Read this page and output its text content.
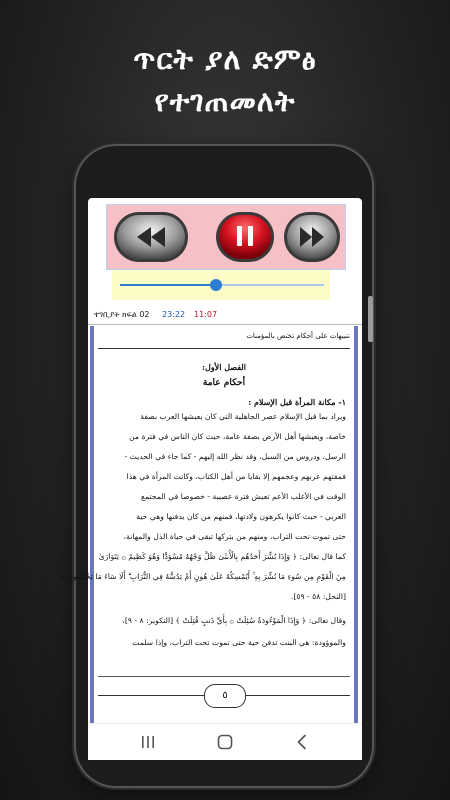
ጥርት ያለ ድምፅ
የተገጠመለት
ተገቢያት ክፍል 02 23:22 11:07
تنبيهات على أحكام تختص بالمؤمنات
الفصل الأول:
أحكام عامة
١- مكانة المرأة قبل الإسلام :
ويراد بما قبل الإسلام عصر الجاهلية التي كان يعيشها العرب بصفة
خاصة، ويعيشها أهل الأرض بصفة عامة، حيث كان الناس في فترة من
الرسل، ودروس من السبل، وقد نظر الله إليهم - كما جاء في الحديث -
فمقتهم عربهم وعجمهم إلا بقايا من أهل الكتاب، وكانت المرأة في هذا
الوقت في الأغلب الأعم تعيش فترة عصيبة - خصوصا في المجتمع
العربي - حيث كانوا يكرهون ولادتها، فمنهم من كان يدفنها وهي حية
حتى تموت تحت التراب، ومنهم من يتركها تبقى في حياة الذل والمهانة،
كما قال تعالى: ﴿ وَإِذَا بُشِّرَ أَحَدُهُم بِالْأُنثَىٰ ظَلَّ وَجْهُهُ مُسْوَدًّا وَهُوَ كَظِيمٌ ۞ يَتَوَارَىٰ
مِنَ الْقَوْمِ مِن سُوءِ مَا بُشِّرَ بِهِ ۚ أَيُمْسِكُهُ عَلَىٰ هُونٍ أَمْ يَدُسُّهُ فِي التُّرَابِ ۗ أَلَا سَاءَ مَا يَحْكُمُونَ ﴾
[النحل: ٥٨ - ٥٩].
وقال تعالى: ﴿ وَإِذَا الْمَوْءُودَةُ سُئِلَتْ ۞ بِأَيِّ ذَنبٍ قُتِلَتْ ﴾ [التكوير: ٨ - ٩]،
والموؤودة: هي البنت تدفن حية حتى تموت تحت التراب، وإذا سلمت
٥
